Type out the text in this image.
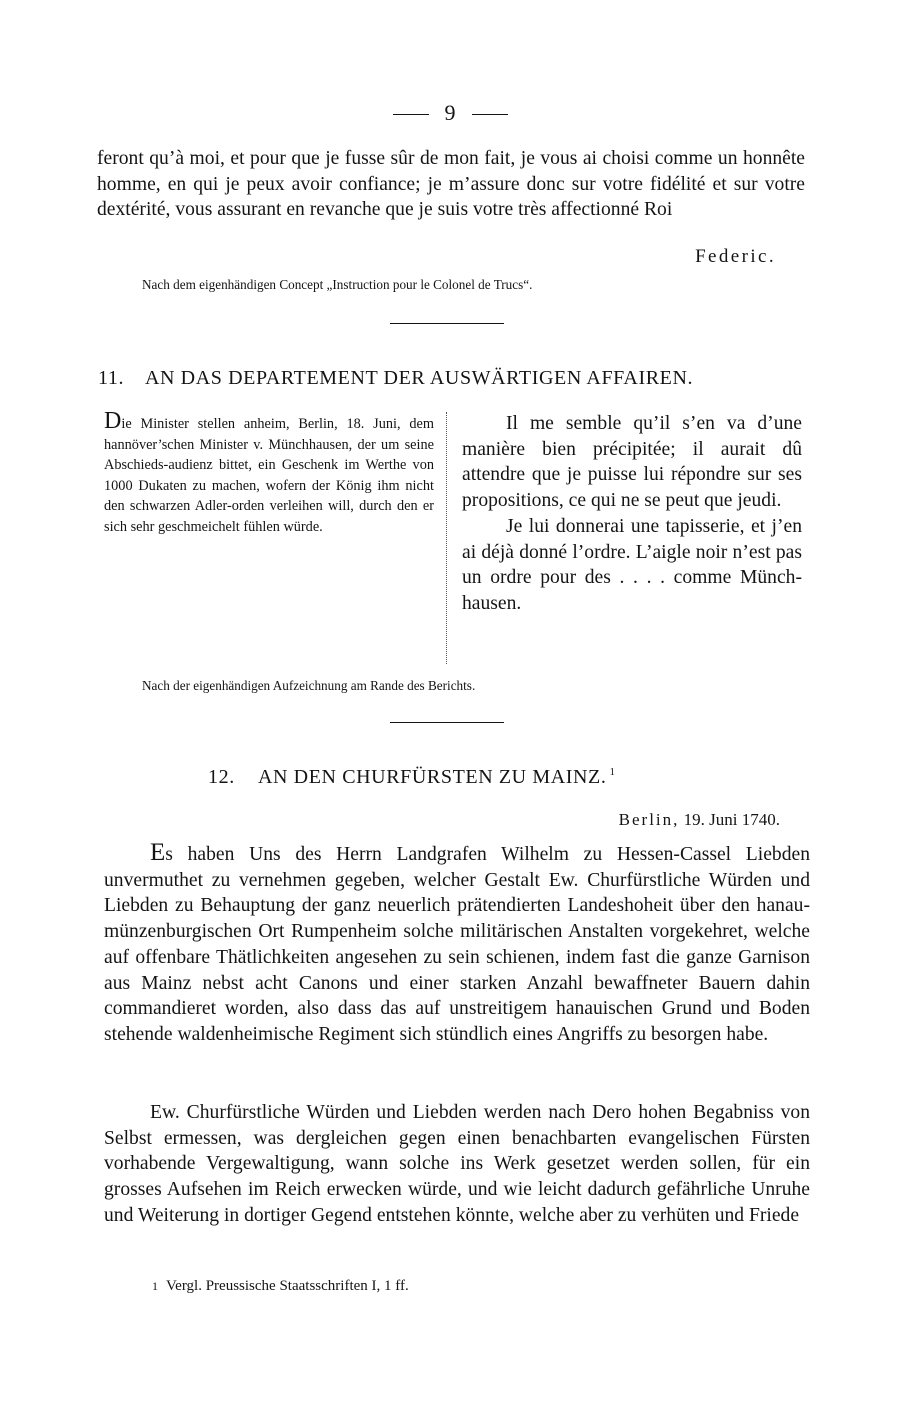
9

feront qu’à moi, et pour que je fusse sûr de mon fait, je vous ai choisi comme un honnête homme, en qui je peux avoir confiance; je m’assure donc sur votre fidélité et sur votre dextérité, vous assurant en revanche que je suis votre très affectionné Roi

Federic.

Nach dem eigenhändigen Concept „Instruction pour le Colonel de Trucs“.

11. AN DAS DEPARTEMENT DER AUSWÄRTIGEN AFFAIREN.
Die Minister stellen anheim, Berlin, 18. Juni, dem hannöver’schen Minister v. Münchhausen, der um seine Abschieds-audienz bittet, ein Geschenk im Werthe von 1000 Dukaten zu machen, wofern der König ihm nicht den schwarzen Adler-orden verleihen will, durch den er sich sehr geschmeichelt fühlen würde.

Il me semble qu’il s’en va d’une manière bien précipitée; il aurait dû attendre que je puisse lui répondre sur ses propositions, ce qui ne se peut que jeudi.

Je lui donnerai une tapisserie, et j’en ai déjà donné l’ordre. L’aigle noir n’est pas un ordre pour des . . . . comme Münch-hausen.

Nach der eigenhändigen Aufzeichnung am Rande des Berichts.

12. AN DEN CHURFÜRSTEN ZU MAINZ. $^1$
Berlin, 19. Juni 1740.

Es haben Uns des Herrn Landgrafen Wilhelm zu Hessen-Cassel Liebden unvermuthet zu vernehmen gegeben, welcher Gestalt Ew. Churfürstliche Würden und Liebden zu Behauptung der ganz neuerlich prätendierten Landeshoheit über den hanau-münzenburgischen Ort Rumpenheim solche militärischen Anstalten vorgekehret, welche auf offenbare Thätlichkeiten angesehen zu sein schienen, indem fast die ganze Garnison aus Mainz nebst acht Canons und einer starken Anzahl bewaffneter Bauern dahin commandieret worden, also dass das auf unstreitigem hanauischen Grund und Boden stehende waldenheimische Regiment sich stündlich eines Angriffs zu besorgen habe.

Ew. Churfürstliche Würden und Liebden werden nach Dero hohen Begabniss von Selbst ermessen, was dergleichen gegen einen benachbarten evangelischen Fürsten vorhabende Vergewaltigung, wann solche ins Werk gesetzet werden sollen, für ein grosses Aufsehen im Reich erwecken würde, und wie leicht dadurch gefährliche Unruhe und Weiterung in dortiger Gegend entstehen könnte, welche aber zu verhüten und Friede

1 Vergl. Preussische Staatsschriften I, 1 ff.
